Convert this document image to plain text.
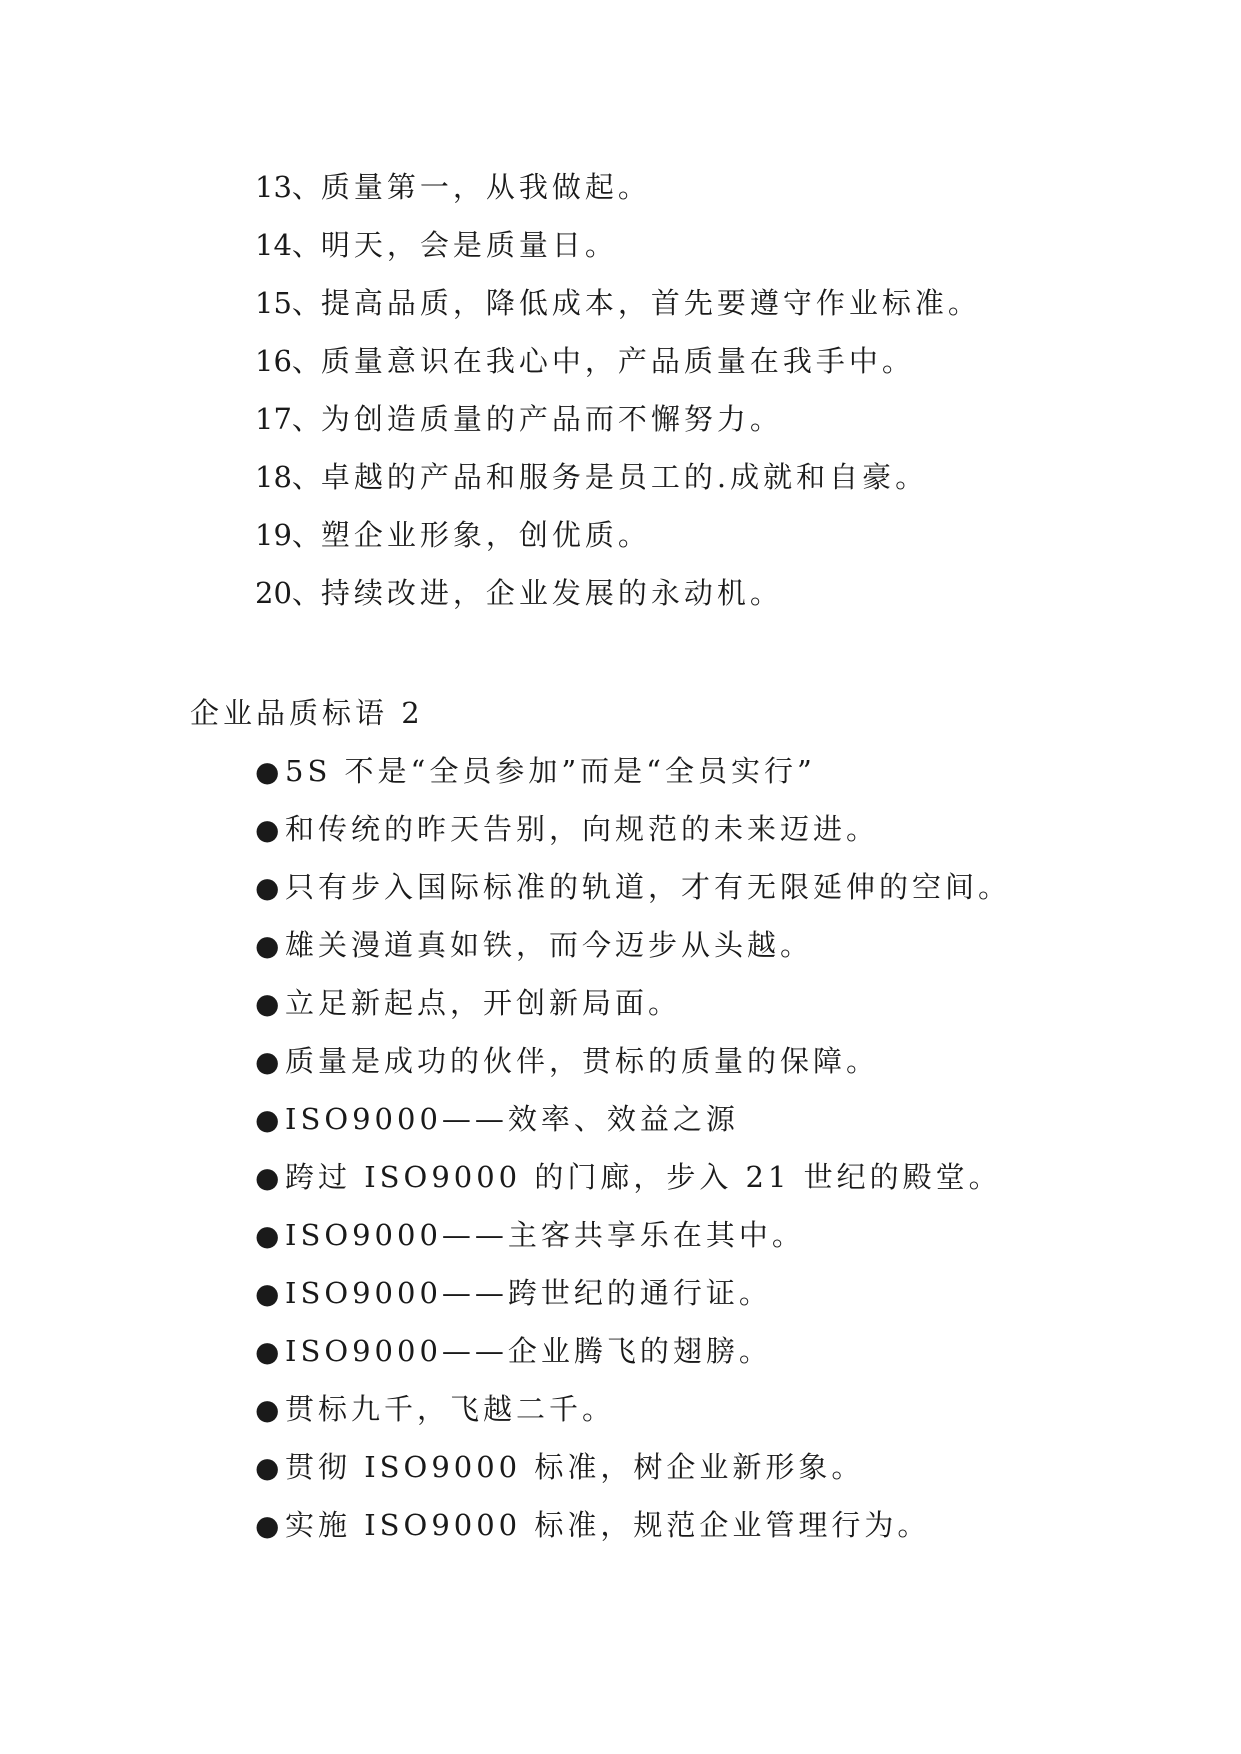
13、质量第一，从我做起。
14、明天，会是质量日。
15、提高品质，降低成本，首先要遵守作业标准。
16、质量意识在我心中，产品质量在我手中。
17、为创造质量的产品而不懈努力。
18、卓越的产品和服务是员工的.成就和自豪。
19、塑企业形象，创优质。
20、持续改进，企业发展的永动机。
企业品质标语 2
● 5S 不是“全员参加”而是“全员实行”
● 和传统的昨天告别，向规范的未来迈进。
● 只有步入国际标准的轨道，才有无限延伸的空间。
● 雄关漫道真如铁，而今迈步从头越。
● 立足新起点，开创新局面。
● 质量是成功的伙伴，贯标的质量的保障。
● ISO9000——效率、效益之源
● 跨过 ISO9000 的门廊，步入 21 世纪的殿堂。
● ISO9000——主客共享乐在其中。
● ISO9000——跨世纪的通行证。
● ISO9000——企业腾飞的翅膀。
● 贯标九千，飞越二千。
● 贯彻 ISO9000 标准，树企业新形象。
● 实施 ISO9000 标准，规范企业管理行为。
